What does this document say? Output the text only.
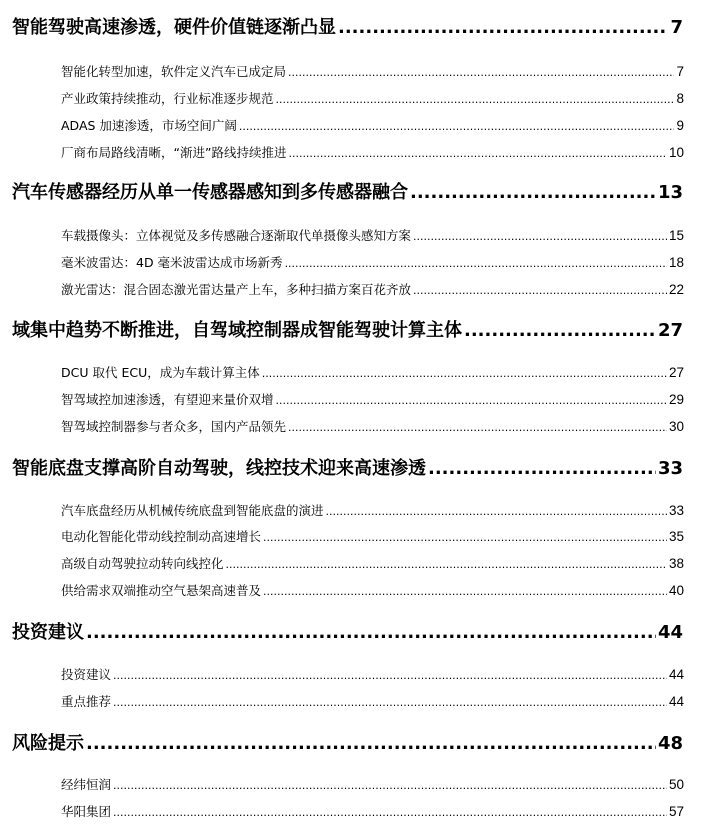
智能驾驶高速渗透，硬件价值链逐渐凸显 .....	7
智能化转型加速，软件定义汽车已成定局 .....	7
产业政策持续推动，行业标准逐步规范 .....	8
ADAS 加速渗透，市场空间广阔 .....	9
厂商布局路线清晰，“渐进”路线持续推进 .....	10
汽车传感器经历从单一传感器感知到多传感器融合 .....	13
车载摄像头：立体视觉及多传感融合逐渐取代单摄像头感知方案 .....	15
毫米波雷达：4D 毫米波雷达成市场新秀 .....	18
激光雷达：混合固态激光雷达量产上车，多种扫描方案百花齐放 .....	22
域集中趋势不断推进，自驾域控制器成智能驾驶计算主体 .....	27
DCU 取代 ECU，成为车载计算主体 .....	27
智驾域控加速渗透，有望迎来量价双增 .....	29
智驾域控制器参与者众多，国内产品领先 .....	30
智能底盘支撑高阶自动驾驶，线控技术迎来高速渗透 .....	33
汽车底盘经历从机械传统底盘到智能底盘的演进 .....	33
电动化智能化带动线控制动高速增长 .....	35
高级自动驾驶拉动转向线控化 .....	38
供给需求双端推动空气悬架高速普及 .....	40
投资建议 .....	44
投资建议 .....	44
重点推荐 .....	44
风险提示 .....	48
经纬恒润 .....	50
华阳集团 .....	57
